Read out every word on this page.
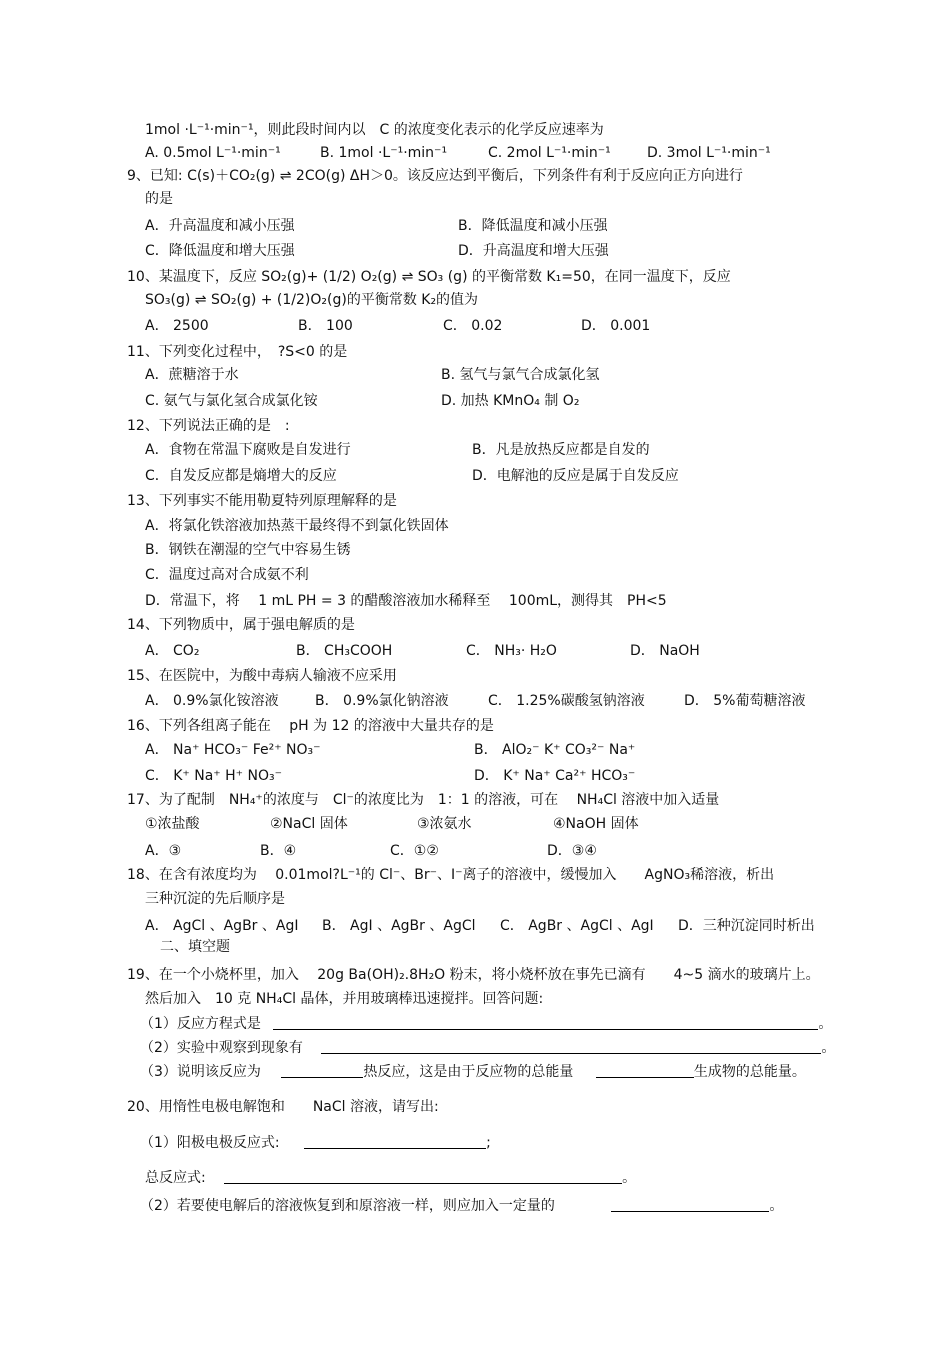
1mol ·L⁻¹·min⁻¹，则此段时间内以　C 的浓度变化表示的化学反应速率为
A. 0.5mol L⁻¹·min⁻¹	B. 1mol ·L⁻¹·min⁻¹	C. 2mol L⁻¹·min⁻¹	D. 3mol L⁻¹·min⁻¹
9、已知: C(s)＋CO₂(g) ⇌ 2CO(g) ΔH＞0。该反应达到平衡后，下列条件有利于反应向正方向进行
的是
A．升高温度和减小压强	B．降低温度和减小压强
C．降低温度和增大压强	D．升高温度和增大压强
10、某温度下，反应 SO₂(g)+ (1/2) O₂(g) ⇌ SO₃ (g) 的平衡常数 K₁=50，在同一温度下，反应
SO₃(g) ⇌ SO₂(g) + (1/2)O₂(g)的平衡常数 K₂的值为
A． 2500	B． 100	C． 0.02	D． 0.001
11、下列变化过程中，　?S<0 的是
A．蔗糖溶于水	B. 氢气与氯气合成氯化氢
C. 氨气与氯化氢合成氯化铵	D. 加热 KMnO₄ 制 O₂
12、下列说法正确的是　:
A．食物在常温下腐败是自发进行	B．凡是放热反应都是自发的
C．自发反应都是熵增大的反应	D．电解池的反应是属于自发反应
13、下列事实不能用勒夏特列原理解释的是
A．将氯化铁溶液加热蒸干最终得不到氯化铁固体
B．钢铁在潮湿的空气中容易生锈
C．温度过高对合成氨不利
D．常温下，将　 1 mL PH = 3 的醋酸溶液加水稀释至　 100mL，测得其　PH<5
14、下列物质中，属于强电解质的是
A． CO₂	B． CH₃COOH	C． NH₃· H₂O	D． NaOH
15、在医院中，为酸中毒病人输液不应采用
A． 0.9%氯化铵溶液	B． 0.9%氯化钠溶液	C． 1.25%碳酸氢钠溶液	D． 5%葡萄糖溶液
16、下列各组离子能在　 pH 为 12 的溶液中大量共存的是
A． Na⁺ HCO₃⁻ Fe²⁺ NO₃⁻	B． AlO₂⁻ K⁺ CO₃²⁻ Na⁺
C． K⁺ Na⁺ H⁺ NO₃⁻	D． K⁺ Na⁺ Ca²⁺ HCO₃⁻
17、为了配制　NH₄⁺的浓度与　Cl⁻的浓度比为　1：1 的溶液，可在　 NH₄Cl 溶液中加入适量
①浓盐酸	②NaCl 固体	③浓氨水	④NaOH 固体
A．③	B．④	C．①②	D．③④
18、在含有浓度均为　 0.01mol?L⁻¹的 Cl⁻、Br⁻、I⁻离子的溶液中，缓慢加入　　AgNO₃稀溶液，析出
三种沉淀的先后顺序是
A． AgCl 、AgBr 、AgI B． AgI 、AgBr 、AgCl C． AgBr 、AgCl 、AgI D．三种沉淀同时析出
二、填空题
19、在一个小烧杯里，加入　 20g Ba(OH)₂.8H₂O 粉末，将小烧杯放在事先已滴有　　4~5 滴水的玻璃片上。
然后加入　10 克 NH₄Cl 晶体，并用玻璃棒迅速搅拌。回答问题:
（1）反应方程式是	。
（2）实验中观察到现象有	。
（3）说明该反应为	热反应，这是由于反应物的总能量	生成物的总能量。
20、用惰性电极电解饱和　　NaCl 溶液，请写出:
（1）阳极电极反应式:	;
总反应式:	。
（2）若要使电解后的溶液恢复到和原溶液一样，则应加入一定量的	。
